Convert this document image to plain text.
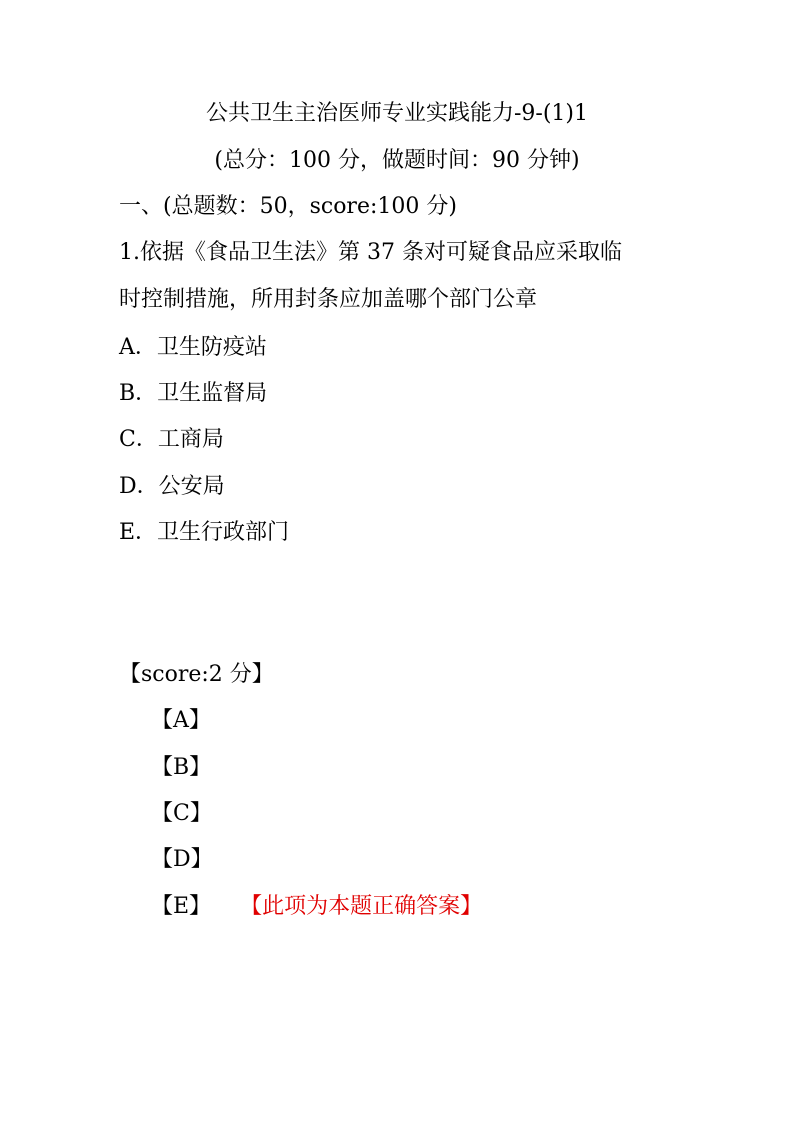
公共卫生主治医师专业实践能力-9-(1)1
(总分：100 分，做题时间：90 分钟)
一、(总题数：50，score:100 分)
1.依据《食品卫生法》第 37 条对可疑食品应采取临
时控制措施，所用封条应加盖哪个部门公章
A．卫生防疫站
B．卫生监督局
C．工商局
D．公安局
E．卫生行政部门
【score:2 分】
【A】
【B】
【C】
【D】
【E】 【此项为本题正确答案】
